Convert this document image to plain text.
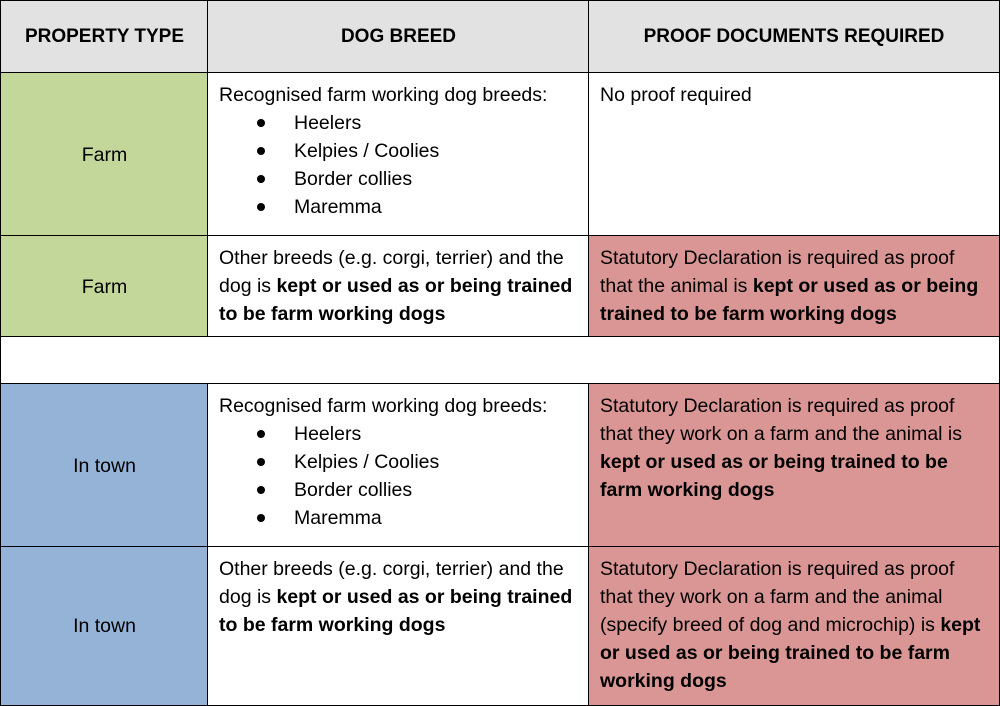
PROPERTY TYPE	DOG BREED	PROOF DOCUMENTS REQUIRED
Farm
Recognised farm working dog breeds:
Heelers
Kelpies / Coolies
Border collies
Maremma
No proof required
Farm
Other breeds (e.g. corgi, terrier) and the dog is kept or used as or being trained to be farm working dogs
Statutory Declaration is required as proof that the animal is kept or used as or being trained to be farm working dogs
In town
Recognised farm working dog breeds:
Heelers
Kelpies / Coolies
Border collies
Maremma
Statutory Declaration is required as proof that they work on a farm and the animal is kept or used as or being trained to be farm working dogs
In town
Other breeds (e.g. corgi, terrier) and the dog is kept or used as or being trained to be farm working dogs
Statutory Declaration is required as proof that they work on a farm and the animal (specify breed of dog and microchip) is kept or used as or being trained to be farm working dogs
